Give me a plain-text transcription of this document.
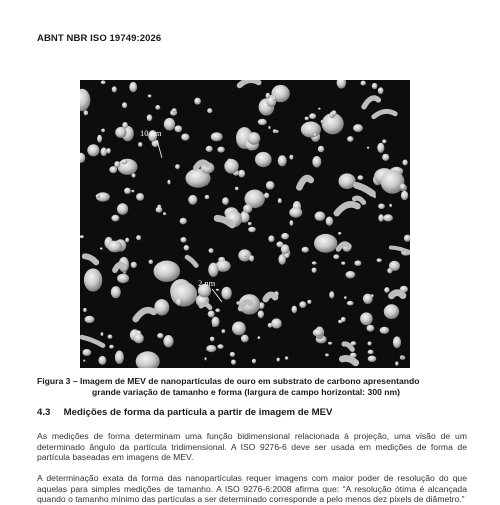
ABNT NBR ISO 19749:2026
10 nm
2 nm
Figura 3 – Imagem de MEV de nanopartículas de ouro em substrato de carbono apresentando
grande variação de tamanho e forma (largura de campo horizontal: 300 nm)
4.3 Medições de forma da partícula a partir de imagem de MEV
As medições de forma determinam uma função bidimensional relacionada à projeção, uma visão de um determinado ângulo da partícula tridimensional. A ISO 9276-6 deve ser usada em medições de forma de partícula baseadas em imagens de MEV.
A determinação exata da forma das nanopartículas requer imagens com maior poder de resolução do que aquelas para simples medições de tamanho. A ISO 9276-6:2008 afirma que: “A resolução ótima é alcançada quando o tamanho mínimo das partículas a ser determinado corresponde a pelo menos dez pixels de diâmetro.”
